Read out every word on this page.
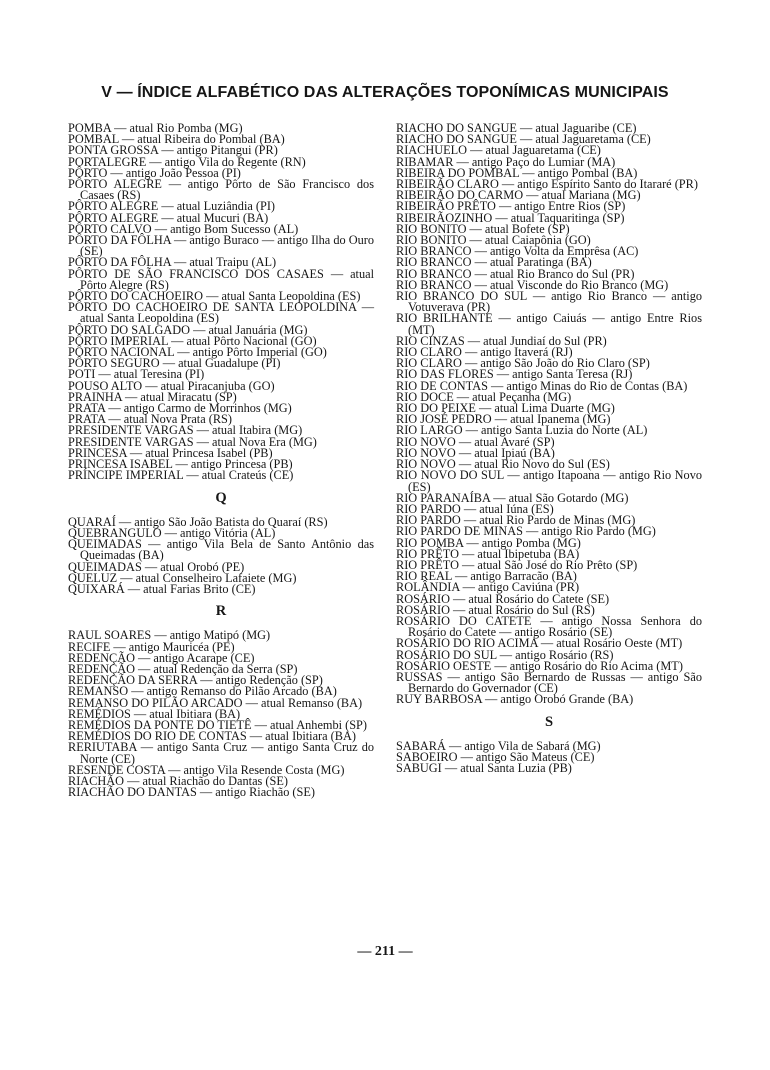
V — ÍNDICE ALFABÉTICO DAS ALTERAÇÕES TOPONÍMICAS MUNICIPAIS
POMBA — atual Rio Pomba (MG)
POMBAL — atual Ribeira do Pombal (BA)
PONTA GROSSA — antigo Pitangui (PR)
PORTALEGRE — antigo Vila do Regente (RN)
PÔRTO — antigo João Pessoa (PI)
PÔRTO ALEGRE — antigo Pôrto de São Francisco dos Casaes (RS)
PÔRTO ALEGRE — atual Luziândia (PI)
PÔRTO ALEGRE — atual Mucuri (BA)
PÔRTO CALVO — antigo Bom Sucesso (AL)
PÔRTO DA FÔLHA — antigo Buraco — antigo Ilha do Ouro (SE)
PÔRTO DA FÔLHA — atual Traipu (AL)
PÔRTO DE SÃO FRANCISCO DOS CASAES — atual Pôrto Alegre (RS)
PÔRTO DO CACHOEIRO — atual Santa Leopoldina (ES)
PÔRTO DO CACHOEIRO DE SANTA LEOPOLDINA — atual Santa Leopoldina (ES)
PÔRTO DO SALGADO — atual Januária (MG)
PÔRTO IMPERIAL — atual Pôrto Nacional (GO)
PÔRTO NACIONAL — antigo Pôrto Imperial (GO)
PÔRTO SEGURO — atual Guadalupe (PI)
POTI — atual Teresina (PI)
POUSO ALTO — atual Piracanjuba (GO)
PRAINHA — atual Miracatu (SP)
PRATA — antigo Carmo de Morrinhos (MG)
PRATA — atual Nova Prata (RS)
PRESIDENTE VARGAS — atual Itabira (MG)
PRESIDENTE VARGAS — atual Nova Era (MG)
PRINCESA — atual Princesa Isabel (PB)
PRINCESA ISABEL — antigo Princesa (PB)
PRÍNCIPE IMPERIAL — atual Crateús (CE)
Q
QUARAÍ — antigo São João Batista do Quaraí (RS)
QUEBRANGULO — antigo Vitória (AL)
QUEIMADAS — antigo Vila Bela de Santo Antônio das Queimadas (BA)
QUEIMADAS — atual Orobó (PE)
QUELUZ — atual Conselheiro Lafaiete (MG)
QUIXARÁ — atual Farias Brito (CE)
R
RAUL SOARES — antigo Matipó (MG)
RECIFE — antigo Mauricéa (PE)
REDENÇÃO — antigo Acarape (CE)
REDENÇÃO — atual Redenção da Serra (SP)
REDENÇÃO DA SERRA — antigo Redenção (SP)
REMANSO — antigo Remanso do Pilão Arcado (BA)
REMANSO DO PILÃO ARCADO — atual Remanso (BA)
REMÉDIOS — atual Ibitiara (BA)
REMÉDIOS DA PONTE DO TIETÊ — atual Anhembi (SP)
REMÉDIOS DO RIO DE CONTAS — atual Ibitiara (BA)
RERIUTABA — antigo Santa Cruz — antigo Santa Cruz do Norte (CE)
RESENDE COSTA — antigo Vila Resende Costa (MG)
RIACHÃO — atual Riachão do Dantas (SE)
RIACHÃO DO DANTAS — antigo Riachão (SE)
RIACHO DO SANGUE — atual Jaguaribe (CE)
RIACHO DO SANGUE — atual Jaguaretama (CE)
RIACHUELO — atual Jaguaretama (CE)
RIBAMAR — antigo Paço do Lumiar (MA)
RIBEIRA DO POMBAL — antigo Pombal (BA)
RIBEIRÃO CLARO — antigo Espírito Santo do Itararé (PR)
RIBEIRÃO DO CARMO — atual Mariana (MG)
RIBEIRÃO PRÊTO — antigo Entre Rios (SP)
RIBEIRÃOZINHO — atual Taquaritinga (SP)
RIO BONITO — atual Bofete (SP)
RIO BONITO — atual Caiapônia (GO)
RIO BRANCO — antigo Volta da Emprêsa (AC)
RIO BRANCO — atual Paratinga (BA)
RIO BRANCO — atual Rio Branco do Sul (PR)
RIO BRANCO — atual Visconde do Rio Branco (MG)
RIO BRANCO DO SUL — antigo Rio Branco — antigo Votuverava (PR)
RIO BRILHANTE — antigo Caiuás — antigo Entre Rios (MT)
RIO CINZAS — atual Jundiaí do Sul (PR)
RIO CLARO — antigo Itaverá (RJ)
RIO CLARO — antigo São João do Rio Claro (SP)
RIO DAS FLORES — antigo Santa Teresa (RJ)
RIO DE CONTAS — antigo Minas do Rio de Contas (BA)
RIO DOCE — atual Peçanha (MG)
RIO DO PEIXE — atual Lima Duarte (MG)
RIO JOSÉ PEDRO — atual Ipanema (MG)
RIO LARGO — antigo Santa Luzia do Norte (AL)
RIO NOVO — atual Avaré (SP)
RIO NOVO — atual Ipiaú (BA)
RIO NOVO — atual Rio Novo do Sul (ES)
RIO NOVO DO SUL — antigo Itapoana — antigo Rio Novo (ES)
RIO PARANAÍBA — atual São Gotardo (MG)
RIO PARDO — atual Iúna (ES)
RIO PARDO — atual Rio Pardo de Minas (MG)
RIO PARDO DE MINAS — antigo Rio Pardo (MG)
RIO POMBA — antigo Pomba (MG)
RIO PRÊTO — atual Ibipetuba (BA)
RIO PRÊTO — atual São José do Rio Prêto (SP)
RIO REAL — antigo Barracão (BA)
ROLÂNDIA — antigo Caviúna (PR)
ROSÁRIO — atual Rosário do Catete (SE)
ROSÁRIO — atual Rosário do Sul (RS)
ROSÁRIO DO CATETE — antigo Nossa Senhora do Rosário do Catete — antigo Rosário (SE)
ROSÁRIO DO RIO ACIMA — atual Rosário Oeste (MT)
ROSÁRIO DO SUL — antigo Rosário (RS)
ROSÁRIO OESTE — antigo Rosário do Rio Acima (MT)
RUSSAS — antigo São Bernardo de Russas — antigo São Bernardo do Governador (CE)
RUY BARBOSA — antigo Orobó Grande (BA)
S
SABARÁ — antigo Vila de Sabará (MG)
SABOEIRO — antigo São Mateus (CE)
SABUGI — atual Santa Luzia (PB)
— 211 —
